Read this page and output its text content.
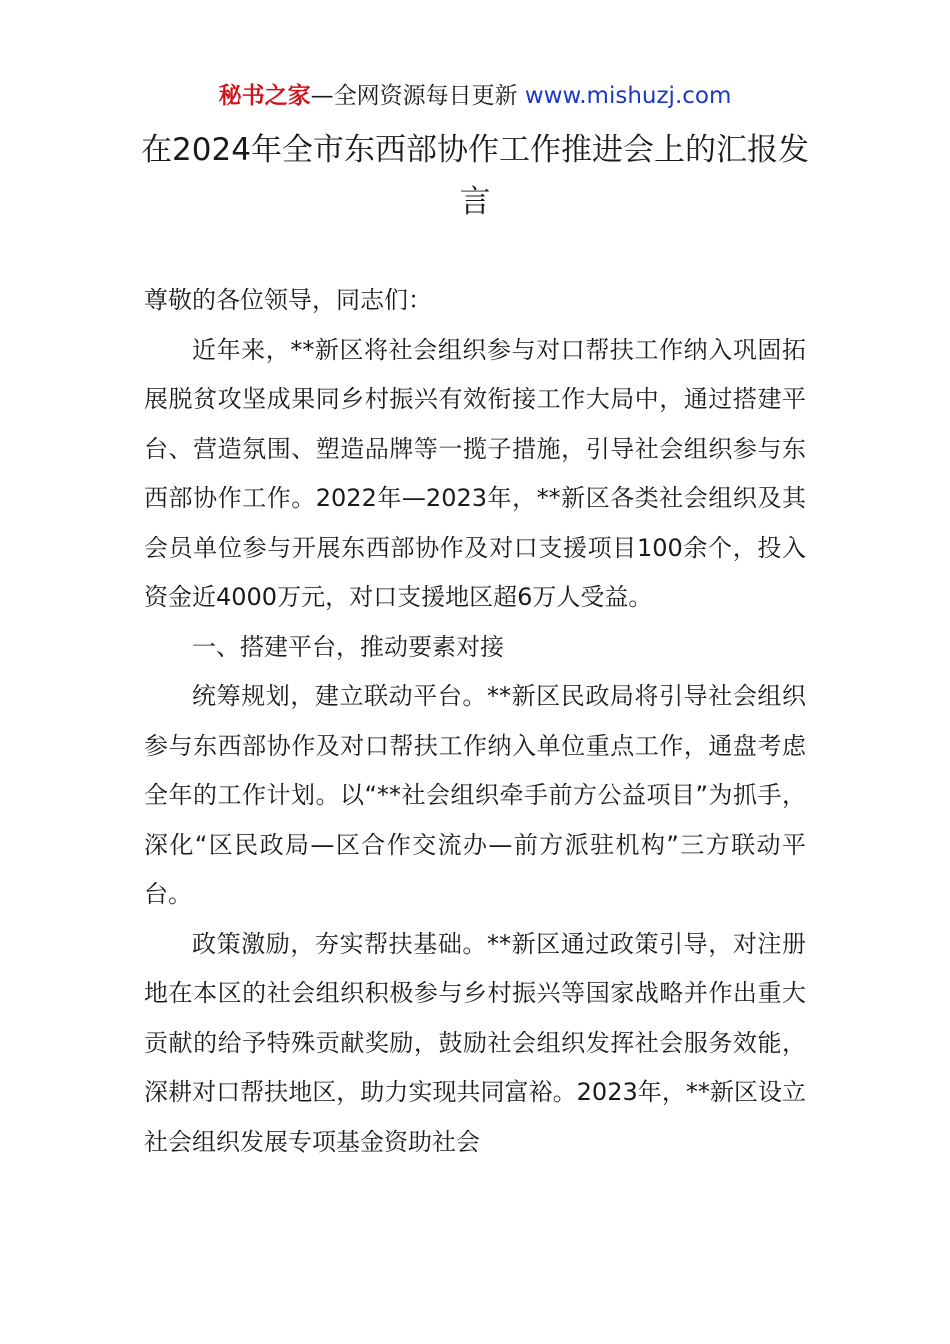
秘书之家—全网资源每日更新 www.mishuzj.com
在2024年全市东西部协作工作推进会上的汇报发言

尊敬的各位领导，同志们：

近年来，**新区将社会组织参与对口帮扶工作纳入巩固拓展脱贫攻坚成果同乡村振兴有效衔接工作大局中，通过搭建平台、营造氛围、塑造品牌等一揽子措施，引导社会组织参与东西部协作工作。2022年—2023年，**新区各类社会组织及其会员单位参与开展东西部协作及对口支援项目100余个，投入资金近4000万元，对口支援地区超6万人受益。

一、搭建平台，推动要素对接

统筹规划，建立联动平台。**新区民政局将引导社会组织参与东西部协作及对口帮扶工作纳入单位重点工作，通盘考虑全年的工作计划。以“**社会组织牵手前方公益项目”为抓手，深化“区民政局—区合作交流办—前方派驻机构”三方联动平台。

政策激励，夯实帮扶基础。**新区通过政策引导，对注册地在本区的社会组织积极参与乡村振兴等国家战略并作出重大贡献的给予特殊贡献奖励，鼓励社会组织发挥社会服务效能，深耕对口帮扶地区，助力实现共同富裕。2023年，**新区设立社会组织发展专项基金资助社会
